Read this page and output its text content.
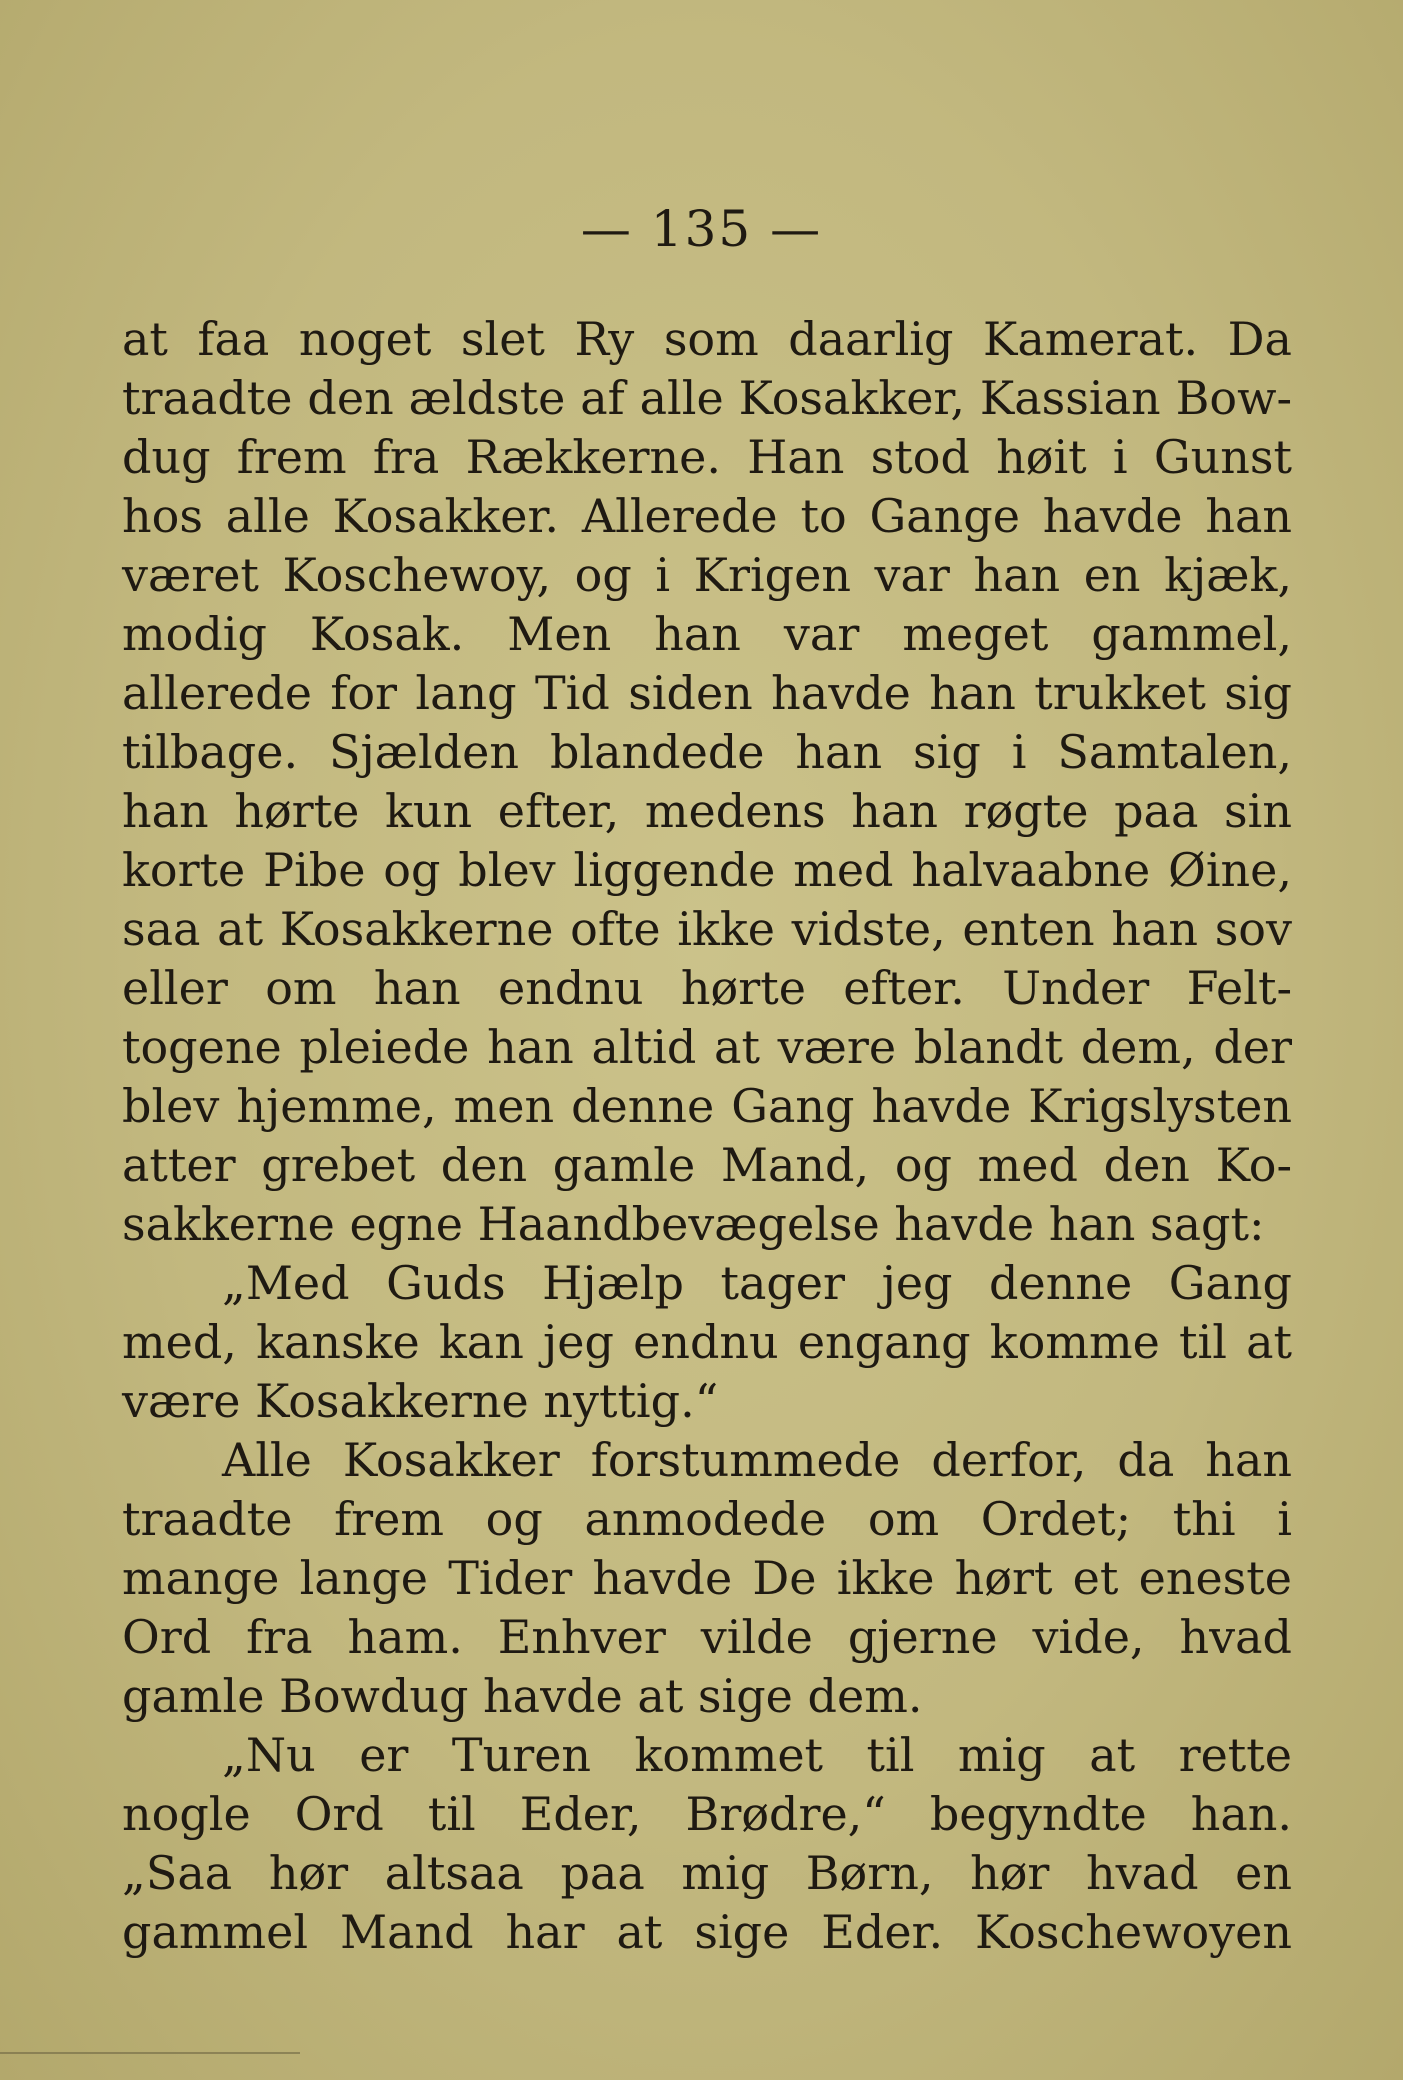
— 135 —
at faa noget slet Ry som daarlig Kamerat. Da
traadte den ældste af alle Kosakker, Kassian Bow-
dug frem fra Rækkerne. Han stod høit i Gunst
hos alle Kosakker. Allerede to Gange havde han
været Koschewoy, og i Krigen var han en kjæk,
modig Kosak. Men han var meget gammel,
allerede for lang Tid siden havde han trukket sig
tilbage. Sjælden blandede han sig i Samtalen,
han hørte kun efter, medens han røgte paa sin
korte Pibe og blev liggende med halvaabne Øine,
saa at Kosakkerne ofte ikke vidste, enten han sov
eller om han endnu hørte efter. Under Felt-
togene pleiede han altid at være blandt dem, der
blev hjemme, men denne Gang havde Krigslysten
atter grebet den gamle Mand, og med den Ko-
sakkerne egne Haandbevægelse havde han sagt:
„Med Guds Hjælp tager jeg denne Gang
med, kanske kan jeg endnu engang komme til at
være Kosakkerne nyttig.“
Alle Kosakker forstummede derfor, da han
traadte frem og anmodede om Ordet; thi i
mange lange Tider havde De ikke hørt et eneste
Ord fra ham. Enhver vilde gjerne vide, hvad
gamle Bowdug havde at sige dem.
„Nu er Turen kommet til mig at rette
nogle Ord til Eder, Brødre,“ begyndte han.
„Saa hør altsaa paa mig Børn, hør hvad en
gammel Mand har at sige Eder. Koschewoyen
